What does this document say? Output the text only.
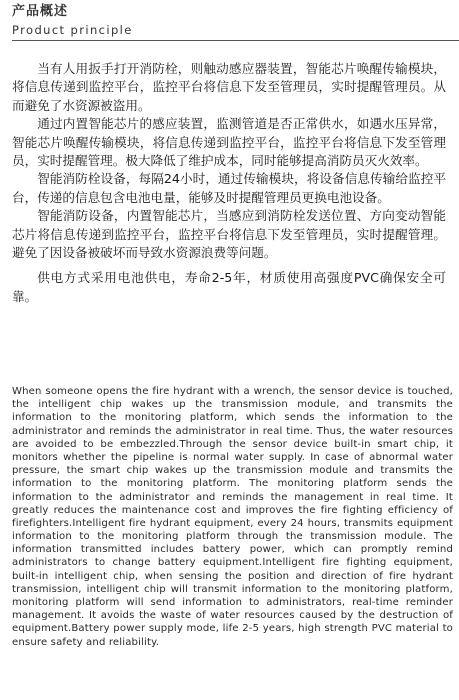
产品概述
Product principle

当有人用扳手打开消防栓，则触动感应器装置，智能芯片唤醒传输模块，将信息传递到监控平台，监控平台将信息下发至管理员，实时提醒管理员。从而避免了水资源被盗用。

通过内置智能芯片的感应装置，监测管道是否正常供水，如遇水压异常，智能芯片唤醒传输模块，将信息传递到监控平台，监控平台将信息下发至管理员，实时提醒管理。极大降低了维护成本，同时能够提高消防员灭火效率。

智能消防栓设备，每隔24小时，通过传输模块，将设备信息传输给监控平台，传递的信息包含电池电量，能够及时提醒管理员更换电池设备。

智能消防设备，内置智能芯片，当感应到消防栓发送位置、方向变动智能芯片将信息传递到监控平台，监控平台将信息下发至管理员，实时提醒管理。避免了因设备被破坏而导致水资源浪费等问题。

供电方式采用电池供电，寿命2-5年，材质使用高强度PVC确保安全可靠。

When someone opens the fire hydrant with a wrench, the sensor device is touched, the intelligent chip wakes up the transmission module, and transmits the information to the monitoring platform, which sends the information to the administrator and reminds the administrator in real time. Thus, the water resources are avoided to be embezzled.Through the sensor device built-in smart chip, it monitors whether the pipeline is normal water supply. In case of abnormal water pressure, the smart chip wakes up the transmission module and transmits the information to the monitoring platform. The monitoring platform sends the information to the administrator and reminds the management in real time. It greatly reduces the maintenance cost and improves the fire fighting efficiency of firefighters.Intelligent fire hydrant equipment, every 24 hours, transmits equipment information to the monitoring platform through the transmission module. The information transmitted includes battery power, which can promptly remind administrators to change battery equipment.Intelligent fire fighting equipment, built-in intelligent chip, when sensing the position and direction of fire hydrant transmission, intelligent chip will transmit information to the monitoring platform, monitoring platform will send information to administrators, real-time reminder management. It avoids the waste of water resources caused by the destruction of equipment.Battery power supply mode, life 2-5 years, high strength PVC material to ensure safety and reliability.
